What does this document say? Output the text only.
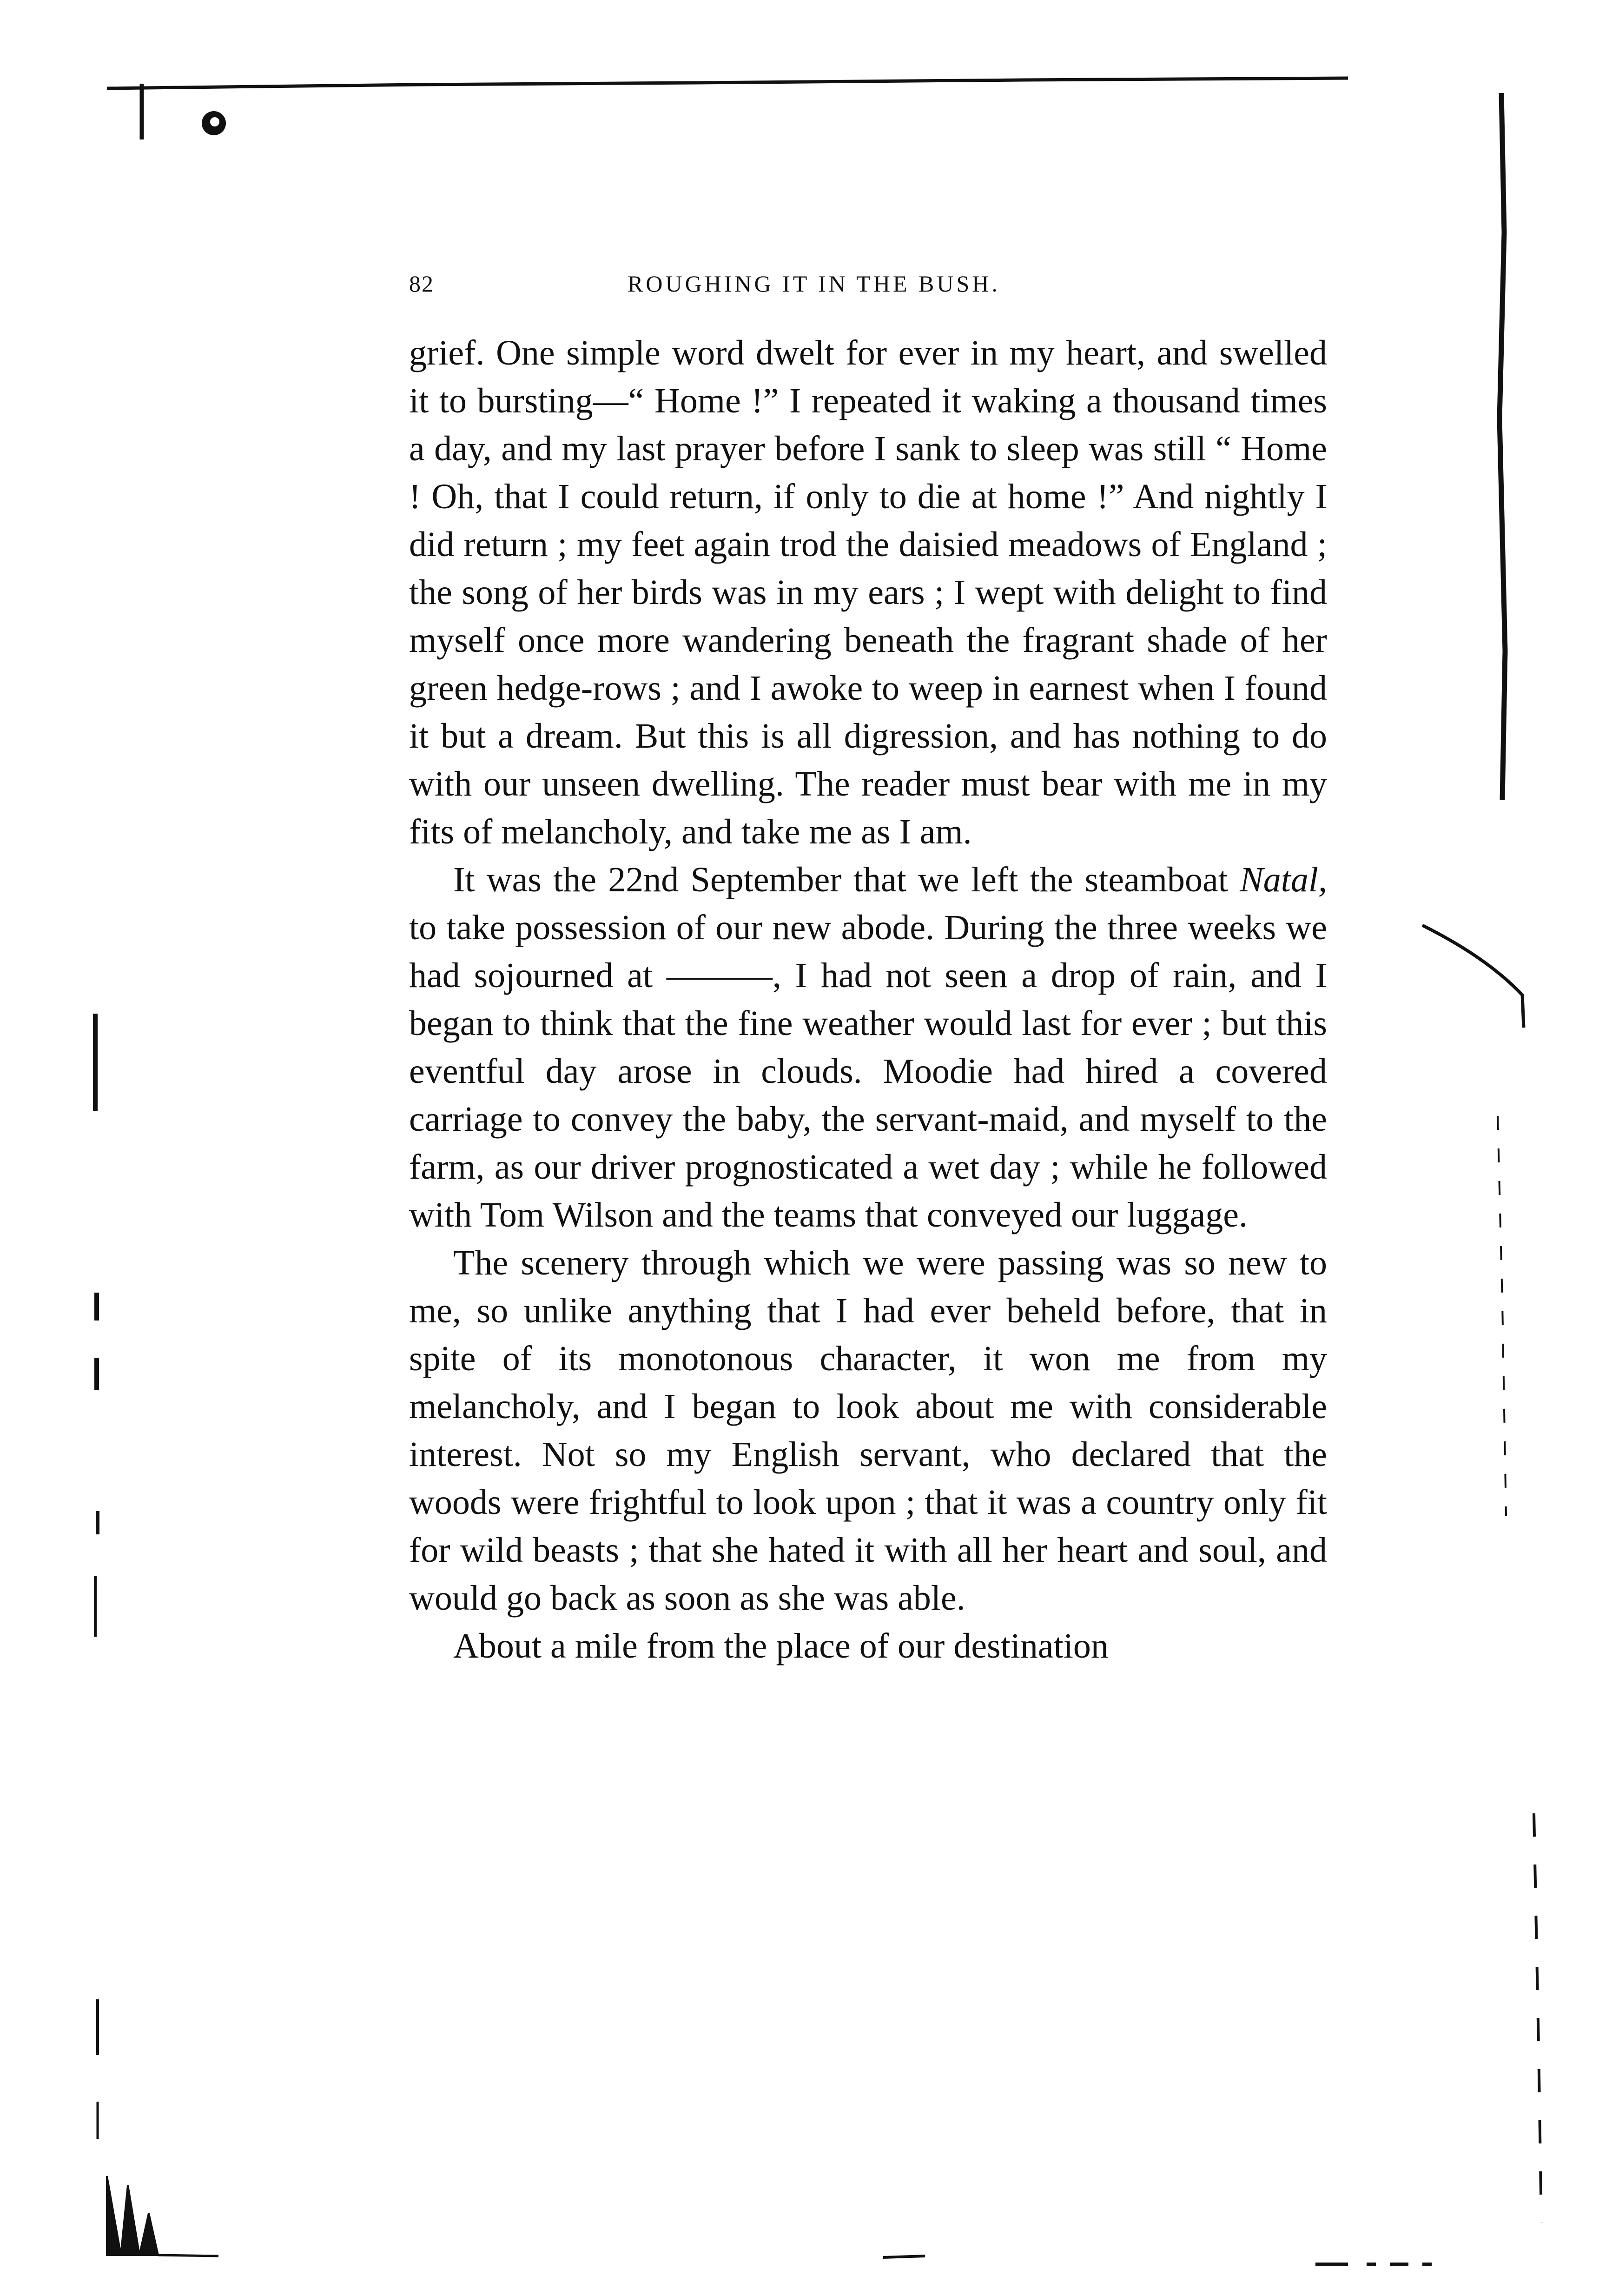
82	ROUGHING IT IN THE BUSH.

grief. One simple word dwelt for ever in my heart, and swelled it to bursting—“ Home !” I repeated it waking a thousand times a day, and my last prayer before I sank to sleep was still “ Home ! Oh, that I could return, if only to die at home !” And nightly I did return ; my feet again trod the daisied meadows of England ; the song of her birds was in my ears ; I wept with delight to find myself once more wandering beneath the fragrant shade of her green hedge-rows ; and I awoke to weep in earnest when I found it but a dream. But this is all digression, and has nothing to do with our unseen dwelling. The reader must bear with me in my fits of melancholy, and take me as I am.

It was the 22nd September that we left the steamboat Natal, to take possession of our new abode. During the three weeks we had sojourned at ———, I had not seen a drop of rain, and I began to think that the fine weather would last for ever ; but this eventful day arose in clouds. Moodie had hired a covered carriage to convey the baby, the servant-maid, and myself to the farm, as our driver prognosticated a wet day ; while he followed with Tom Wilson and the teams that conveyed our luggage.

The scenery through which we were passing was so new to me, so unlike anything that I had ever beheld before, that in spite of its monotonous character, it won me from my melancholy, and I began to look about me with considerable interest. Not so my English servant, who declared that the woods were frightful to look upon ; that it was a country only fit for wild beasts ; that she hated it with all her heart and soul, and would go back as soon as she was able.

About a mile from the place of our destination
